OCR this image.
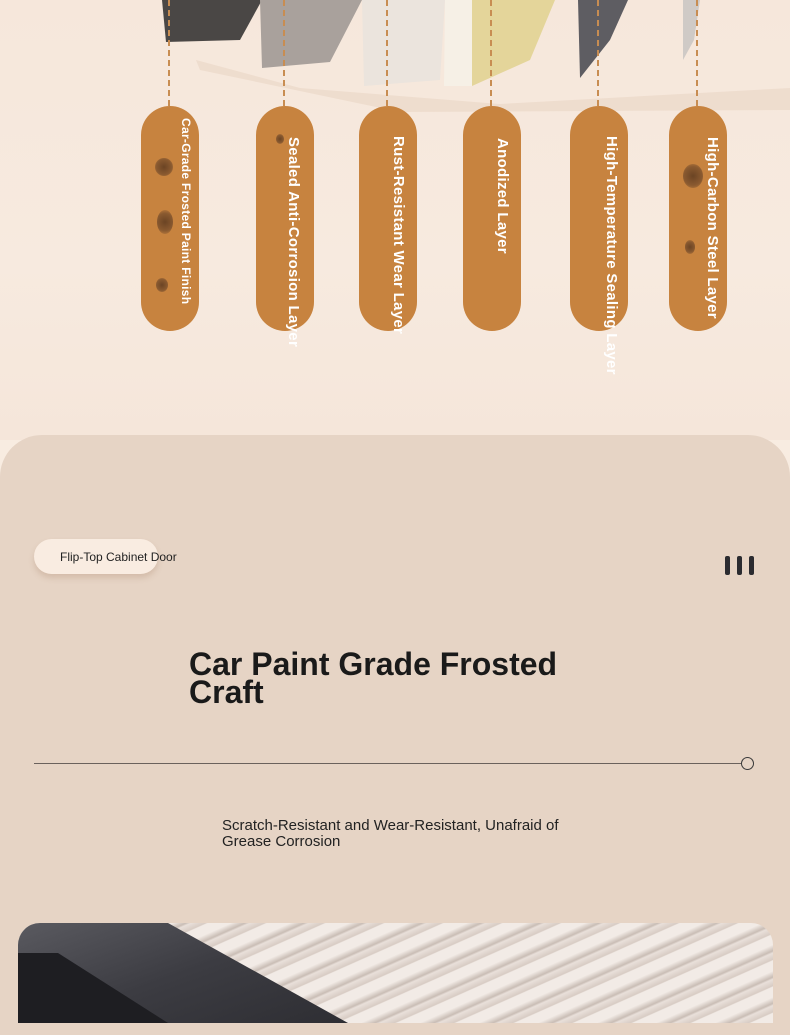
Car-Grade Frosted Paint Finish	Sealed Anti-Corrosion Layer	Rust-Resistant Wear Layer	Anodized Layer	High-Temperature Sealing Layer	High-Carbon Steel Layer
Flip-Top Cabinet Door
Car Paint Grade Frosted Craft
Scratch-Resistant and Wear-Resistant, Unafraid of Grease Corrosion
